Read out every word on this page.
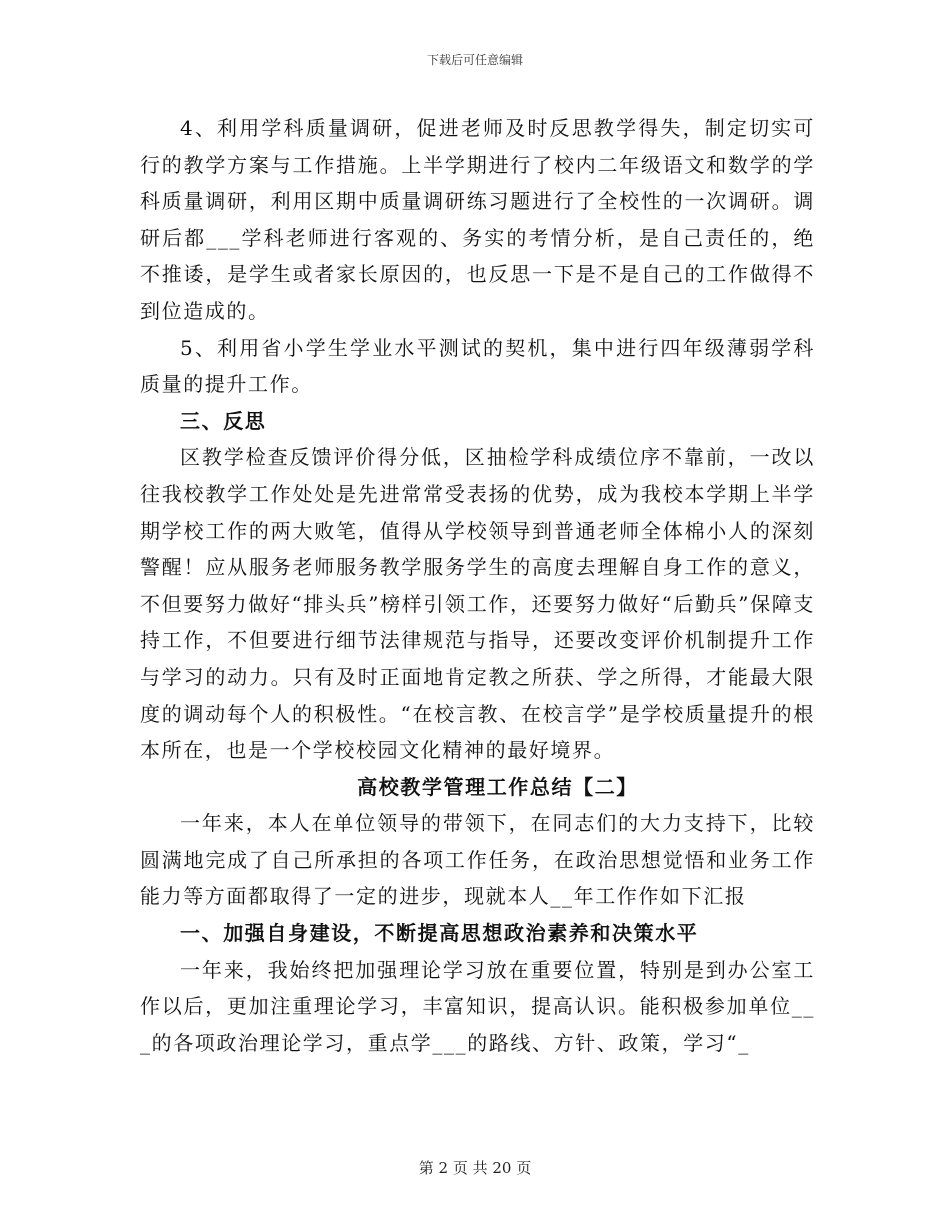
下载后可任意编辑

4、利用学科质量调研，促进老师及时反思教学得失，制定切实可行的教学方案与工作措施。上半学期进行了校内二年级语文和数学的学科质量调研，利用区期中质量调研练习题进行了全校性的一次调研。调研后都___学科老师进行客观的、务实的考情分析，是自己责任的，绝不推诿，是学生或者家长原因的，也反思一下是不是自己的工作做得不到位造成的。

5、利用省小学生学业水平测试的契机，集中进行四年级薄弱学科质量的提升工作。

三、反思

区教学检查反馈评价得分低，区抽检学科成绩位序不靠前，一改以往我校教学工作处处是先进常常受表扬的优势，成为我校本学期上半学期学校工作的两大败笔，值得从学校领导到普通老师全体棉小人的深刻警醒！应从服务老师服务教学服务学生的高度去理解自身工作的意义，不但要努力做好“排头兵”榜样引领工作，还要努力做好“后勤兵”保障支持工作，不但要进行细节法律规范与指导，还要改变评价机制提升工作与学习的动力。只有及时正面地肯定教之所获、学之所得，才能最大限度的调动每个人的积极性。“在校言教、在校言学”是学校质量提升的根本所在，也是一个学校校园文化精神的最好境界。

高校教学管理工作总结【二】

一年来，本人在单位领导的带领下，在同志们的大力支持下，比较圆满地完成了自己所承担的各项工作任务，在政治思想觉悟和业务工作能力等方面都取得了一定的进步，现就本人__年工作作如下汇报

一、加强自身建设，不断提高思想政治素养和决策水平

一年来，我始终把加强理论学习放在重要位置，特别是到办公室工作以后，更加注重理论学习，丰富知识，提高认识。能积极参加单位___的各项政治理论学习，重点学___的路线、方针、政策，学习“_

第 2 页 共 20 页
